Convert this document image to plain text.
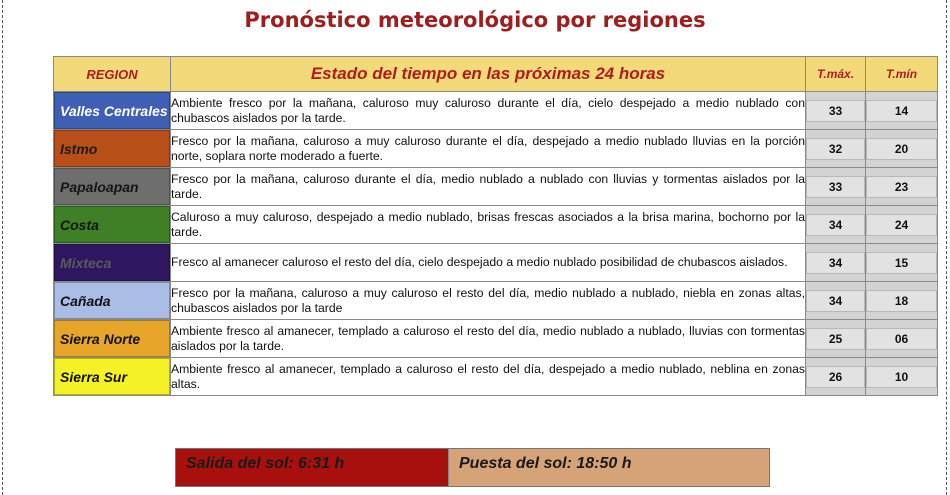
Pronóstico meteorológico por regiones
REGION	Estado del tiempo en las próximas 24 horas	T.máx.	T.mín

Valles Centrales	Ambiente fresco por la mañana, caluroso muy caluroso durante el día, cielo despejado a medio nublado con chubascos aislados por la tarde.	33	14

Istmo	Fresco por la mañana, caluroso a muy caluroso durante el día, despejado a medio nublado lluvias en la porción norte, soplara norte moderado a fuerte.	32	20

Papaloapan	Fresco por la mañana, caluroso durante el día, medio nublado a nublado con lluvias y tormentas aislados por la tarde.	33	23

Costa	Caluroso a muy caluroso, despejado a medio nublado, brisas frescas asociados a la brisa marina, bochorno por la tarde.	34	24

Mixteca	Fresco al amanecer caluroso el resto del día, cielo despejado a medio nublado posibilidad de chubascos aislados.	34	15

Cañada	Fresco por la mañana, caluroso a muy caluroso el resto del día, medio nublado a nublado, niebla en zonas altas, chubascos aislados por la tarde	34	18

Sierra Norte	Ambiente fresco al amanecer, templado a caluroso el resto del día, medio nublado a nublado, lluvias con tormentas aislados por la tarde.	25	06

Sierra Sur	Ambiente fresco al amanecer, templado a caluroso el resto del día, despejado a medio nublado, neblina en zonas altas.	26	10
Salida del sol: 6:31 h	Puesta del sol: 18:50 h
